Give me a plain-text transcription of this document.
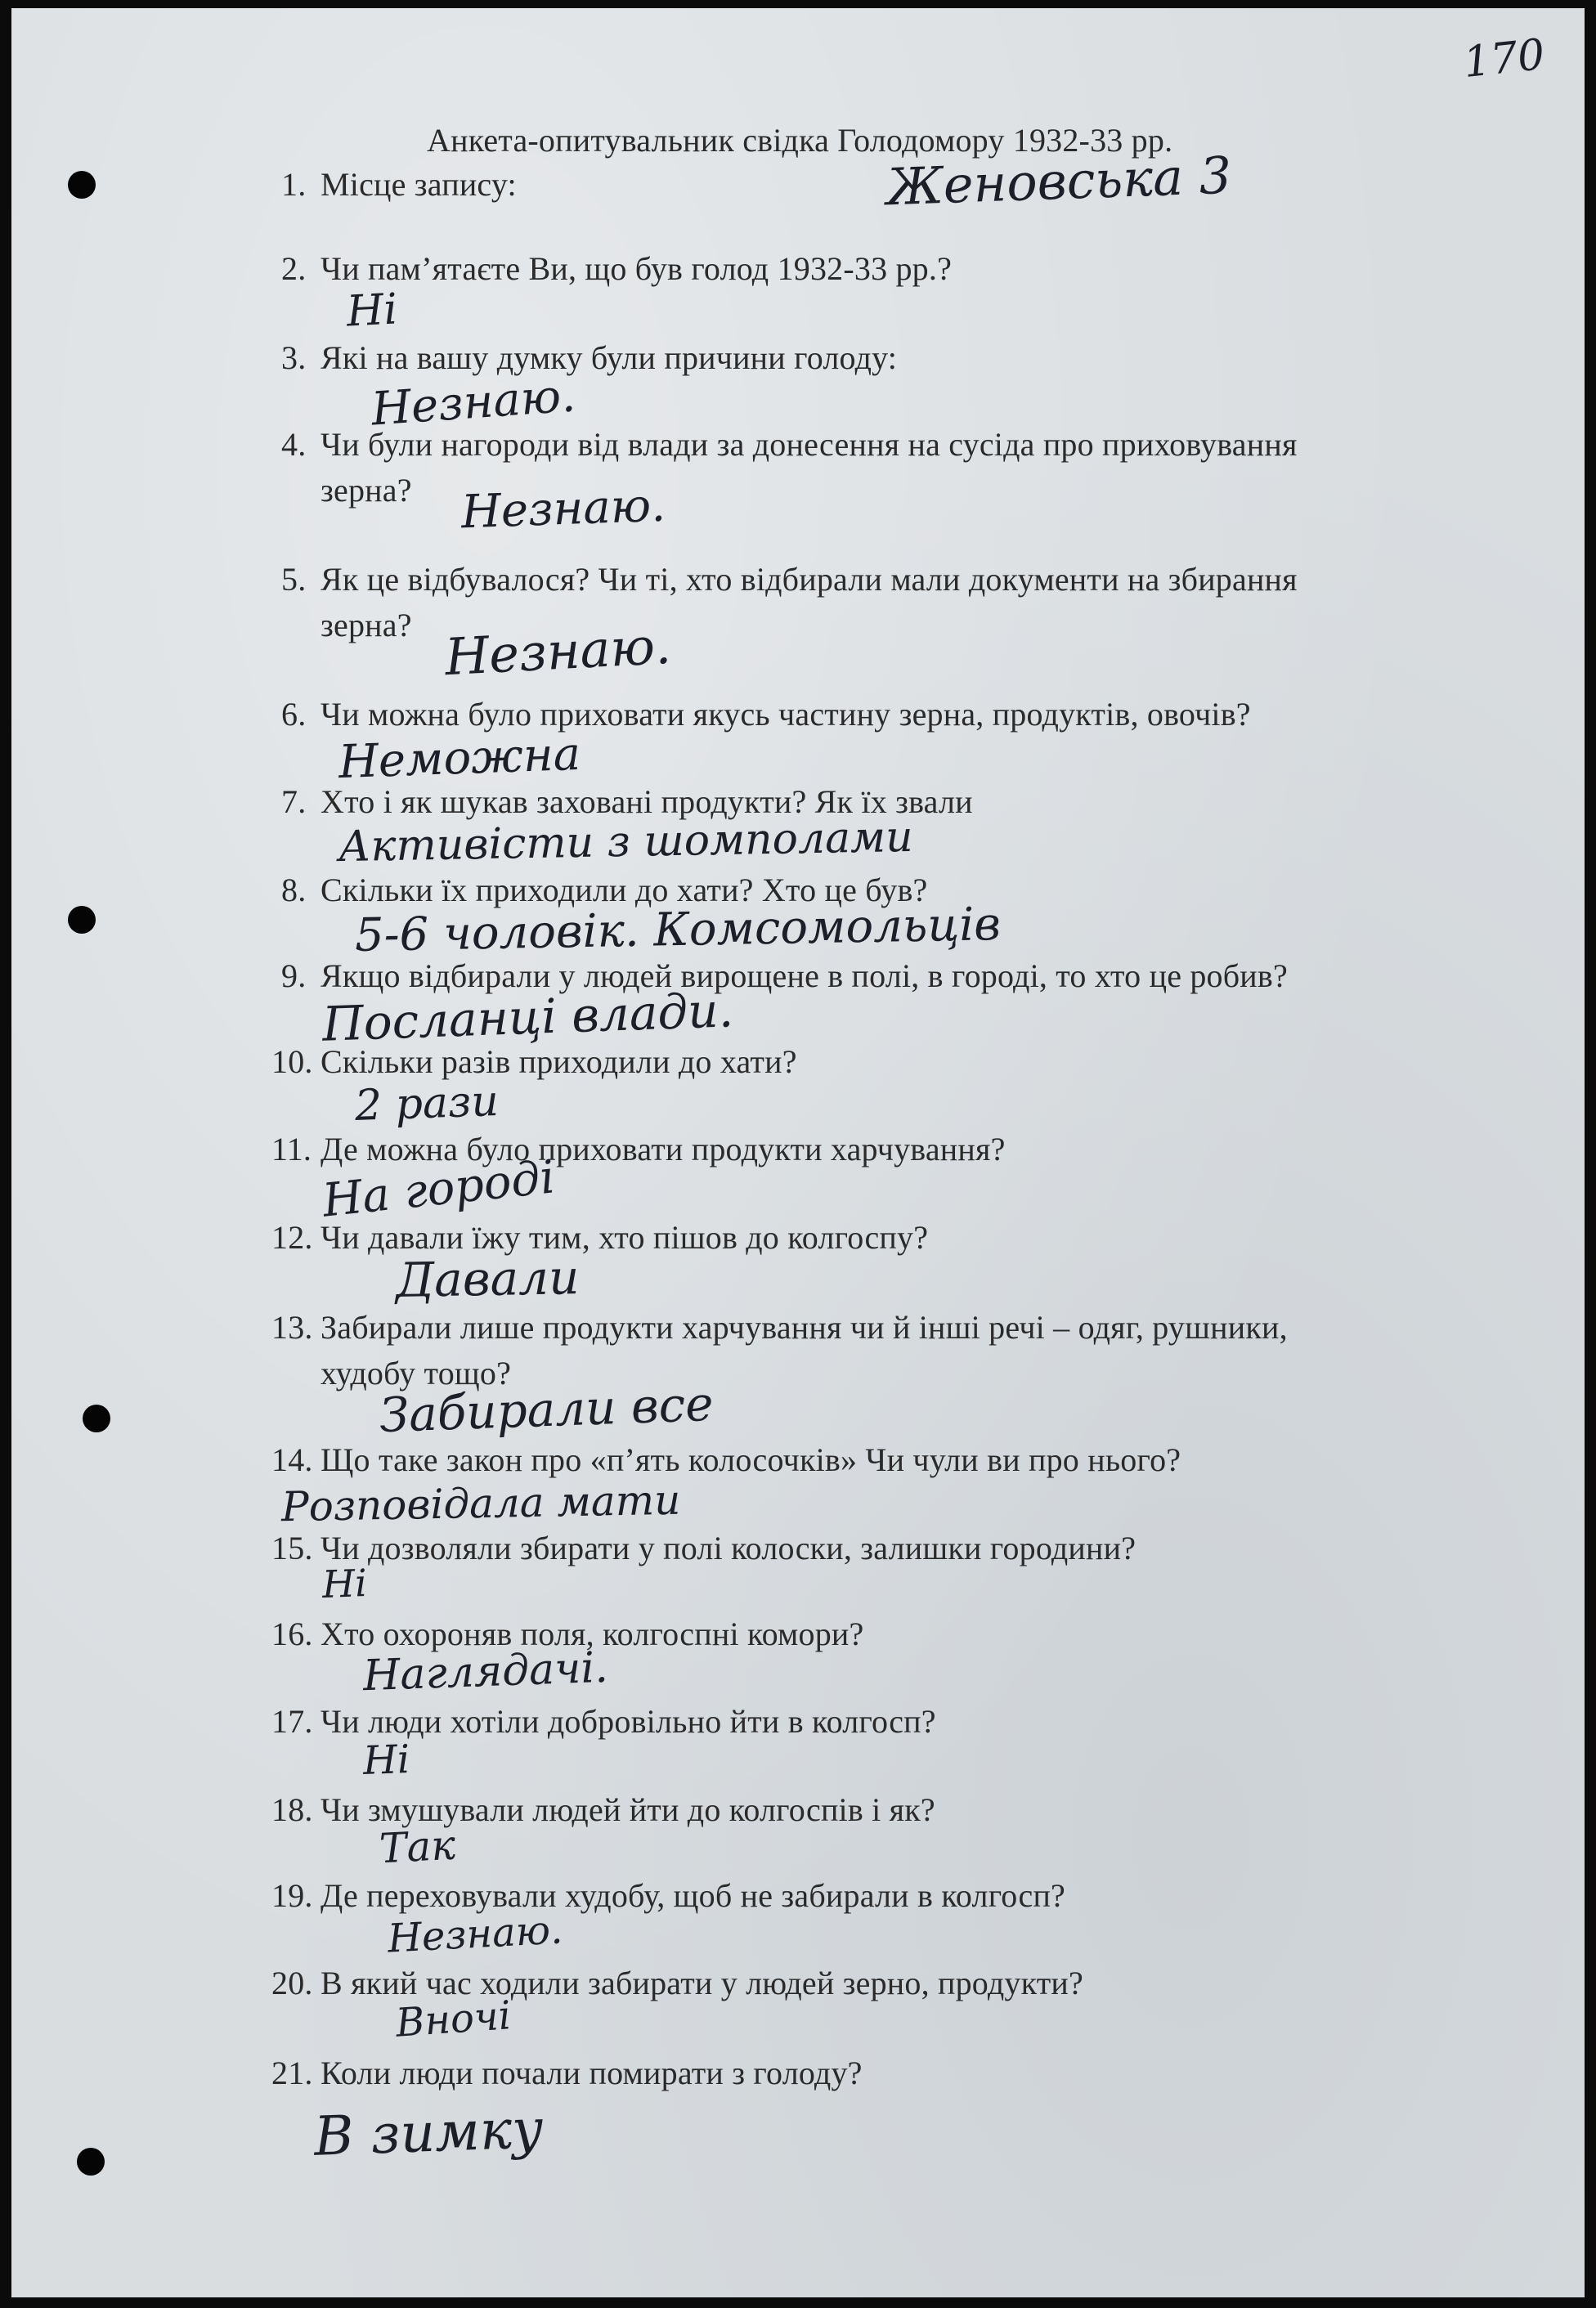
170
Анкета-опитувальник свідка Голодомору 1932-33 рр.
1. Місце запису:	Женовська 3
2. Чи пам’ятаєте Ви, що був голод 1932-33 рр.?
Ні
3. Які на вашу думку були причини голоду:
Незнаю.
4. Чи були нагороди від влади за донесення на сусіда про приховування
зерна? Незнаю.
5. Як це відбувалося? Чи ті, хто відбирали мали документи на збирання
зерна? Незнаю.
6. Чи можна було приховати якусь частину зерна, продуктів, овочів?
Неможна
7. Хто і як шукав заховані продукти? Як їх звали
Активісти з шомполами
8. Скільки їх приходили до хати? Хто це був?
5-6 чоловік. Комсомольців
9. Якщо відбирали у людей вирощене в полі, в городі, то хто це робив?
Посланці влади.
10. Скільки разів приходили до хати?
2 рази
11. Де можна було приховати продукти харчування?
На городі
12. Чи давали їжу тим, хто пішов до колгоспу?
Давали
13. Забирали лише продукти харчування чи й інші речі – одяг, рушники,
худобу тощо?
Забирали все
14. Що таке закон про «п’ять колосочків» Чи чули ви про нього?
Розповідала мати
15. Чи дозволяли збирати у полі колоски, залишки городини?
Ні
16. Хто охороняв поля, колгоспні комори?
Наглядачі.
17. Чи люди хотіли добровільно йти в колгосп?
Ні
18. Чи змушували людей йти до колгоспів і як?
Так
19. Де переховували худобу, щоб не забирали в колгосп?
Незнаю.
20. В який час ходили забирати у людей зерно, продукти?
Вночі
21. Коли люди почали помирати з голоду?
В зимку
